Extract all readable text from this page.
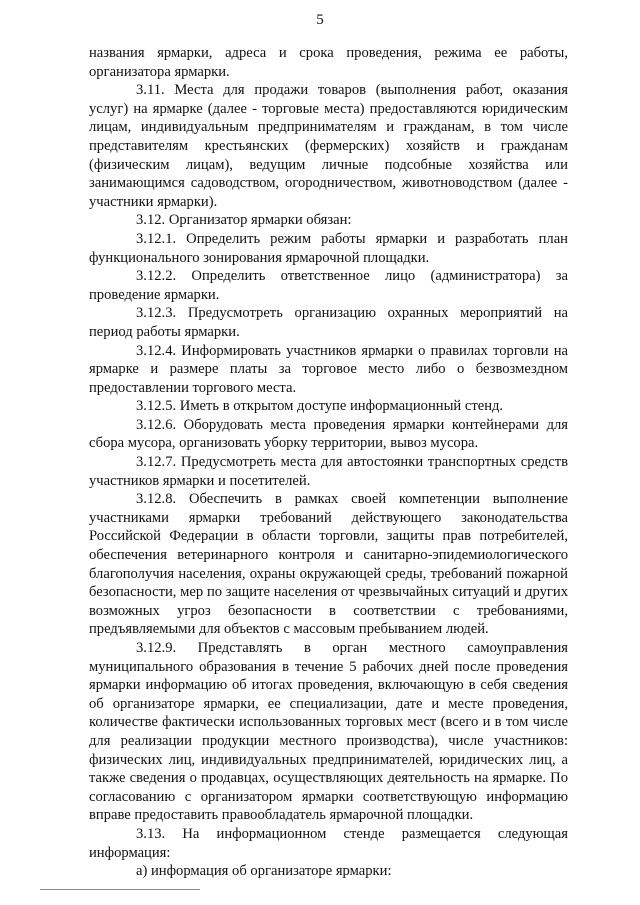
5

названия ярмарки, адреса и срока проведения, режима ее работы, организатора ярмарки.

3.11. Места для продажи товаров (выполнения работ, оказания услуг) на ярмарке (далее - торговые места) предоставляются юридическим лицам, индивидуальным предпринимателям и гражданам, в том числе представителям крестьянских (фермерских) хозяйств и гражданам (физическим лицам), ведущим личные подсобные хозяйства или занимающимся садоводством, огородничеством, животноводством (далее - участники ярмарки).

3.12. Организатор ярмарки обязан:

3.12.1. Определить режим работы ярмарки и разработать план функционального зонирования ярмарочной площадки.

3.12.2. Определить ответственное лицо (администратора) за проведение ярмарки.

3.12.3. Предусмотреть организацию охранных мероприятий на период работы ярмарки.

3.12.4. Информировать участников ярмарки о правилах торговли на ярмарке и размере платы за торговое место либо о безвозмездном предоставлении торгового места.

3.12.5. Иметь в открытом доступе информационный стенд.

3.12.6. Оборудовать места проведения ярмарки контейнерами для сбора мусора, организовать уборку территории, вывоз мусора.

3.12.7. Предусмотреть места для автостоянки транспортных средств участников ярмарки и посетителей.

3.12.8. Обеспечить в рамках своей компетенции выполнение участниками ярмарки требований действующего законодательства Российской Федерации в области торговли, защиты прав потребителей, обеспечения ветеринарного контроля и санитарно-эпидемиологического благополучия населения, охраны окружающей среды, требований пожарной безопасности, мер по защите населения от чрезвычайных ситуаций и других возможных угроз безопасности в соответствии с требованиями, предъявляемыми для объектов с массовым пребыванием людей.

3.12.9. Представлять в орган местного самоуправления муниципального образования в течение 5 рабочих дней после проведения ярмарки информацию об итогах проведения, включающую в себя сведения об организаторе ярмарки, ее специализации, дате и месте проведения, количестве фактически использованных торговых мест (всего и в том числе для реализации продукции местного производства), числе участников: физических лиц, индивидуальных предпринимателей, юридических лиц, а также сведения о продавцах, осуществляющих деятельность на ярмарке. По согласованию с организатором ярмарки соответствующую информацию вправе предоставить правообладатель ярмарочной площадки.

3.13. На информационном стенде размещается следующая информация:

а) информация об организаторе ярмарки:
